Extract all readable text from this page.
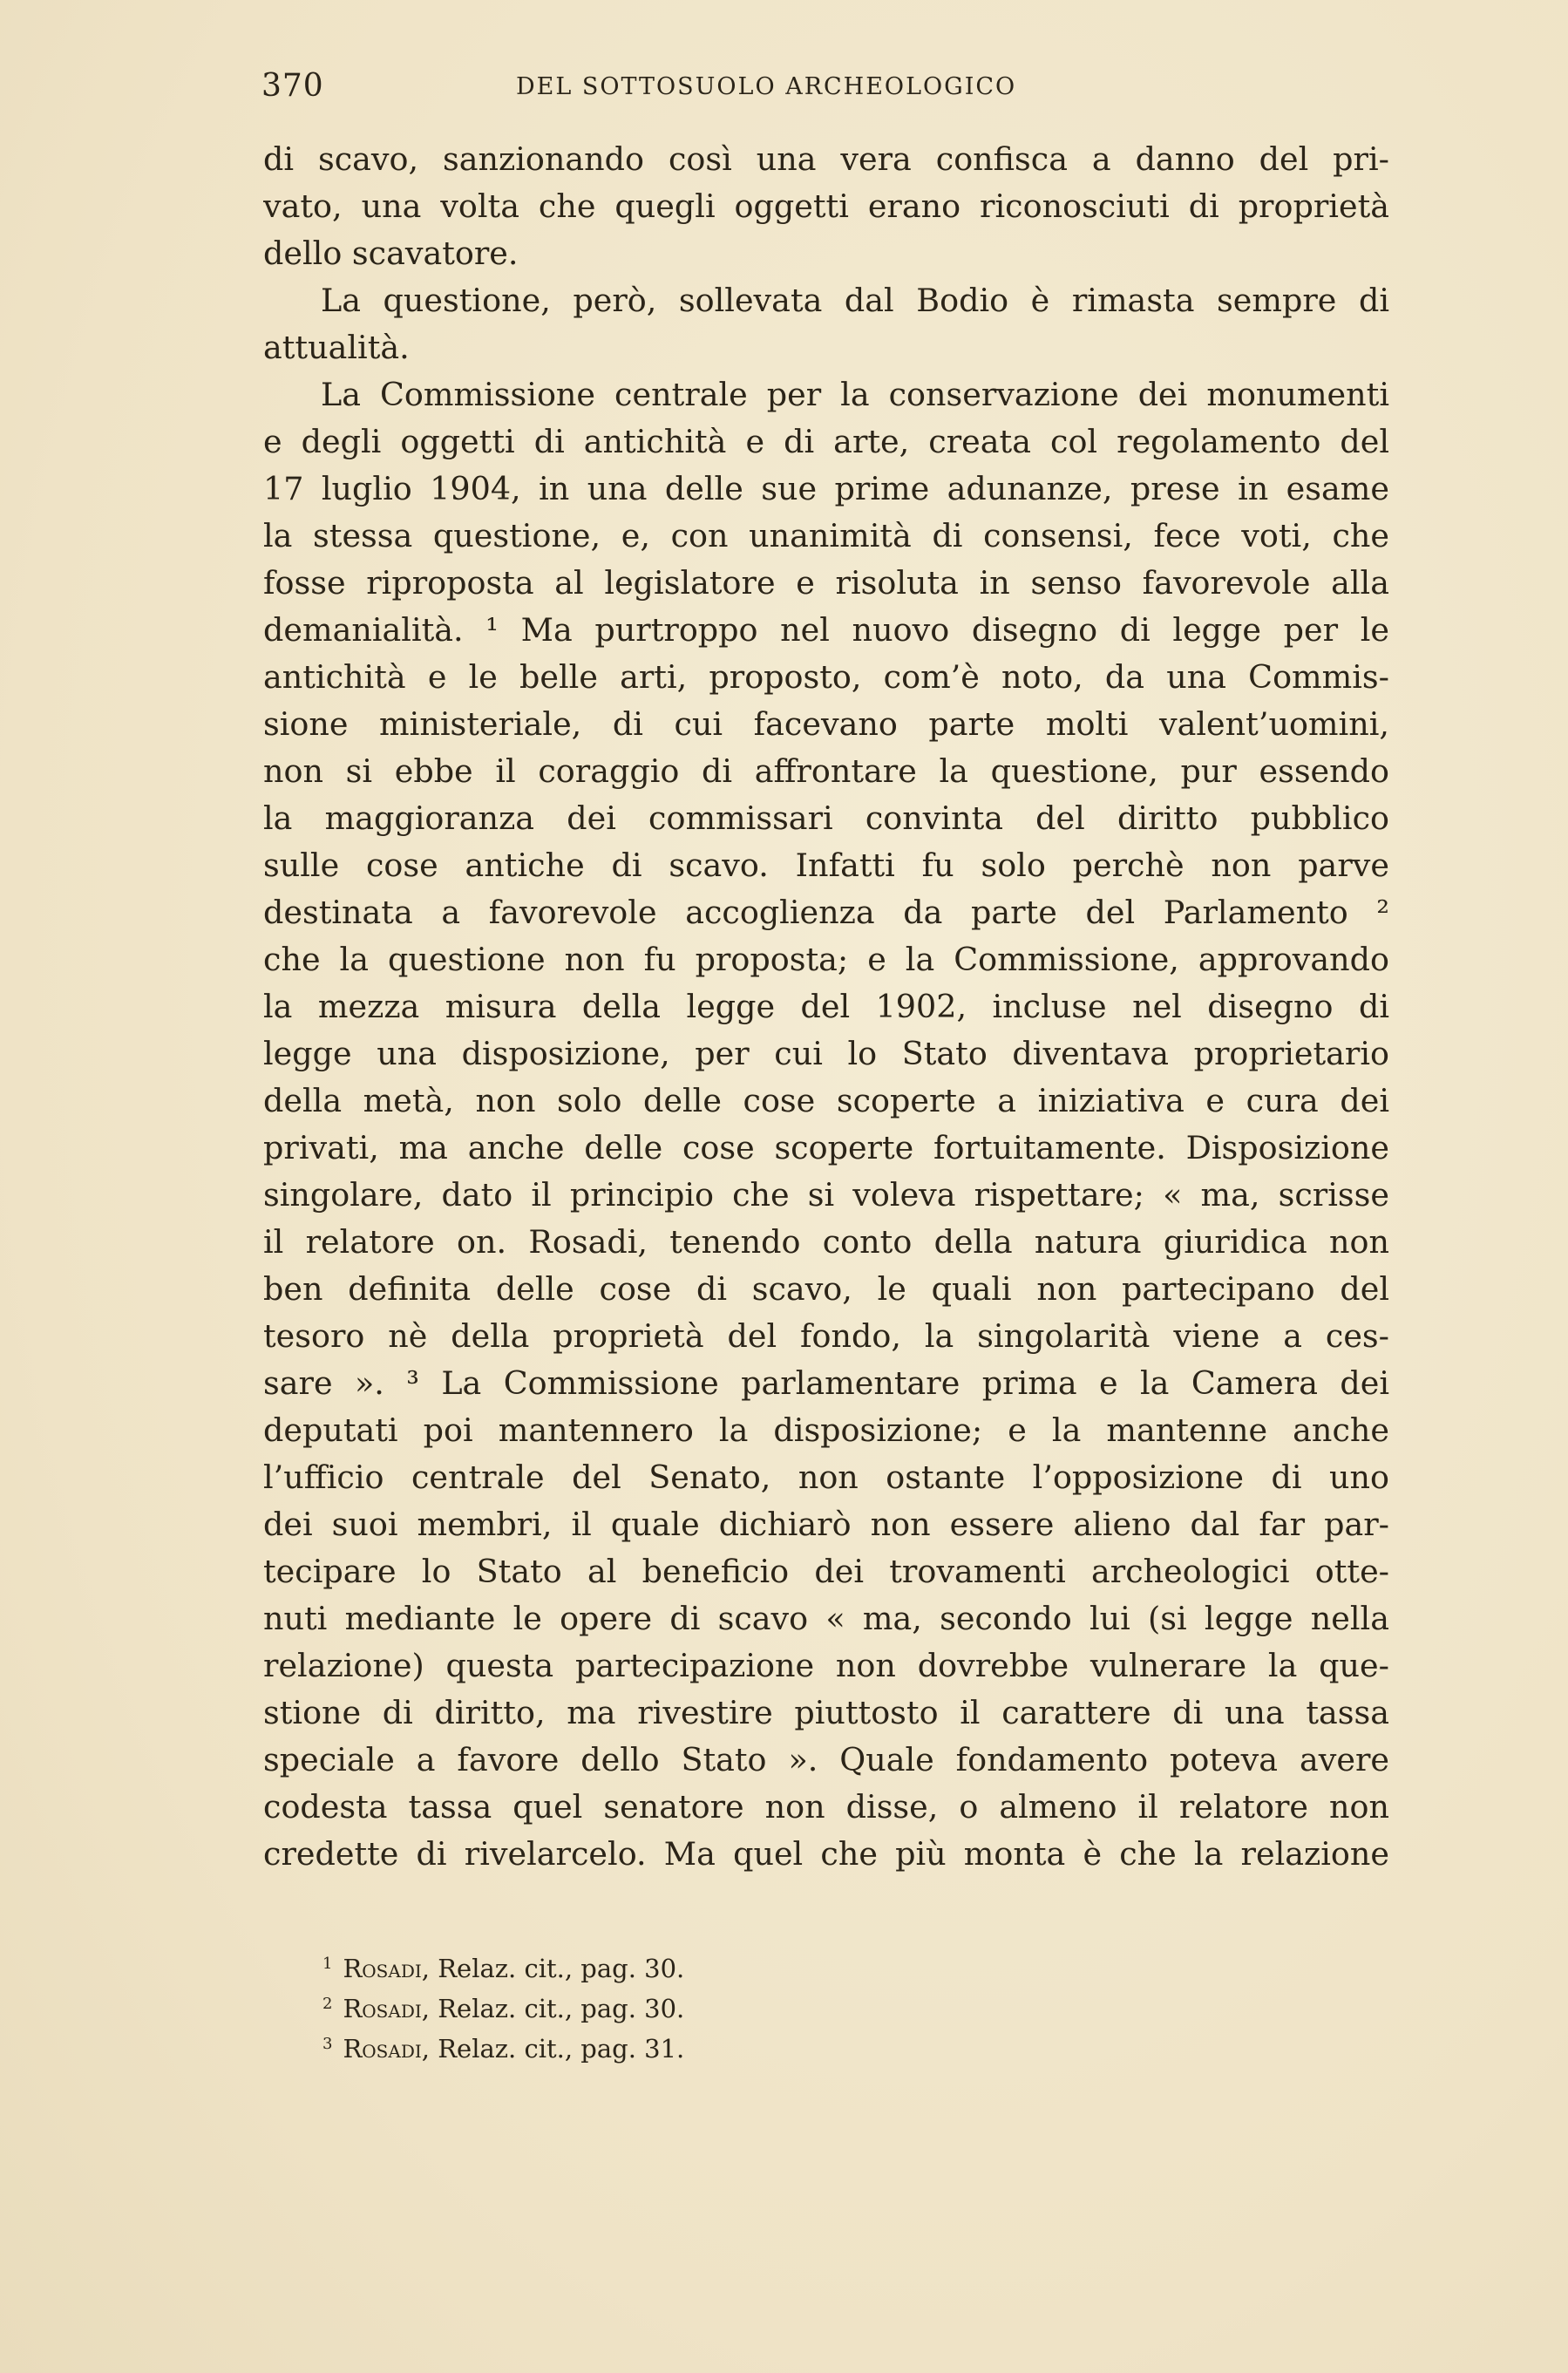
370	DEL SOTTOSUOLO ARCHEOLOGICO
di scavo, sanzionando così una vera confisca a danno del pri-
vato, una volta che quegli oggetti erano riconosciuti di proprietà
dello scavatore.
La questione, però, sollevata dal Bodio è rimasta sempre di
attualità.
La Commissione centrale per la conservazione dei monumenti
e degli oggetti di antichità e di arte, creata col regolamento del
17 luglio 1904, in una delle sue prime adunanze, prese in esame
la stessa questione, e, con unanimità di consensi, fece voti, che
fosse riproposta al legislatore e risoluta in senso favorevole alla
demanialità. ¹ Ma purtroppo nel nuovo disegno di legge per le
antichità e le belle arti, proposto, com’è noto, da una Commis-
sione ministeriale, di cui facevano parte molti valent’uomini,
non si ebbe il coraggio di affrontare la questione, pur essendo
la maggioranza dei commissari convinta del diritto pubblico
sulle cose antiche di scavo. Infatti fu solo perchè non parve
destinata a favorevole accoglienza da parte del Parlamento ²
che la questione non fu proposta; e la Commissione, approvando
la mezza misura della legge del 1902, incluse nel disegno di
legge una disposizione, per cui lo Stato diventava proprietario
della metà, non solo delle cose scoperte a iniziativa e cura dei
privati, ma anche delle cose scoperte fortuitamente. Disposizione
singolare, dato il principio che si voleva rispettare; « ma, scrisse
il relatore on. Rosadi, tenendo conto della natura giuridica non
ben definita delle cose di scavo, le quali non partecipano del
tesoro nè della proprietà del fondo, la singolarità viene a ces-
sare ». ³ La Commissione parlamentare prima e la Camera dei
deputati poi mantennero la disposizione; e la mantenne anche
l’ufficio centrale del Senato, non ostante l’opposizione di uno
dei suoi membri, il quale dichiarò non essere alieno dal far par-
tecipare lo Stato al beneficio dei trovamenti archeologici otte-
nuti mediante le opere di scavo « ma, secondo lui (si legge nella
relazione) questa partecipazione non dovrebbe vulnerare la que-
stione di diritto, ma rivestire piuttosto il carattere di una tassa
speciale a favore dello Stato ». Quale fondamento poteva avere
codesta tassa quel senatore non disse, o almeno il relatore non
credette di rivelarcelo. Ma quel che più monta è che la relazione
$^1$ Rosadi, Relaz. cit., pag. 30.
$^2$ Rosadi, Relaz. cit., pag. 30.
$^3$ Rosadi, Relaz. cit., pag. 31.
